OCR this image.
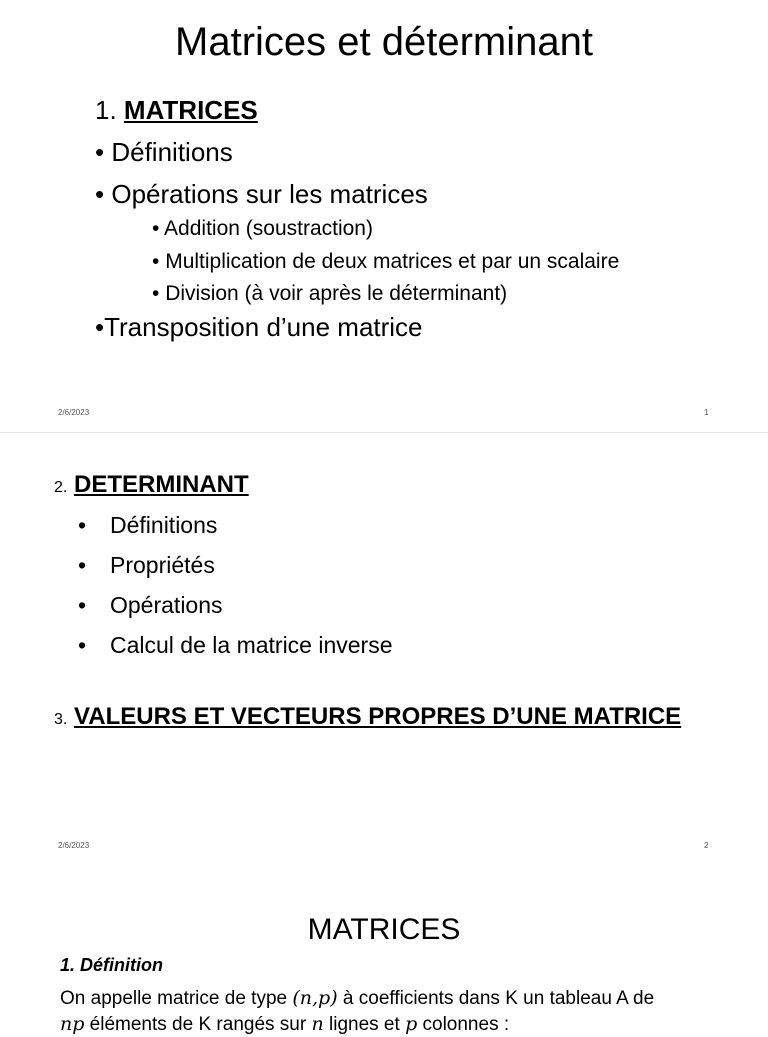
Matrices et déterminant
1. MATRICES
• Définitions
• Opérations sur les matrices
• Addition (soustraction)
• Multiplication de deux matrices et par un scalaire
• Division (à voir après le déterminant)
•Transposition d’une matrice
2/6/2023	1
2. DETERMINANT
• Définitions
• Propriétés
• Opérations
• Calcul de la matrice inverse
3. VALEURS ET VECTEURS PROPRES D’UNE MATRICE
2/6/2023	2
MATRICES
1. Définition
On appelle matrice de type (n,p) à coefficients dans K un tableau A de
np éléments de K rangés sur n lignes et p colonnes :
